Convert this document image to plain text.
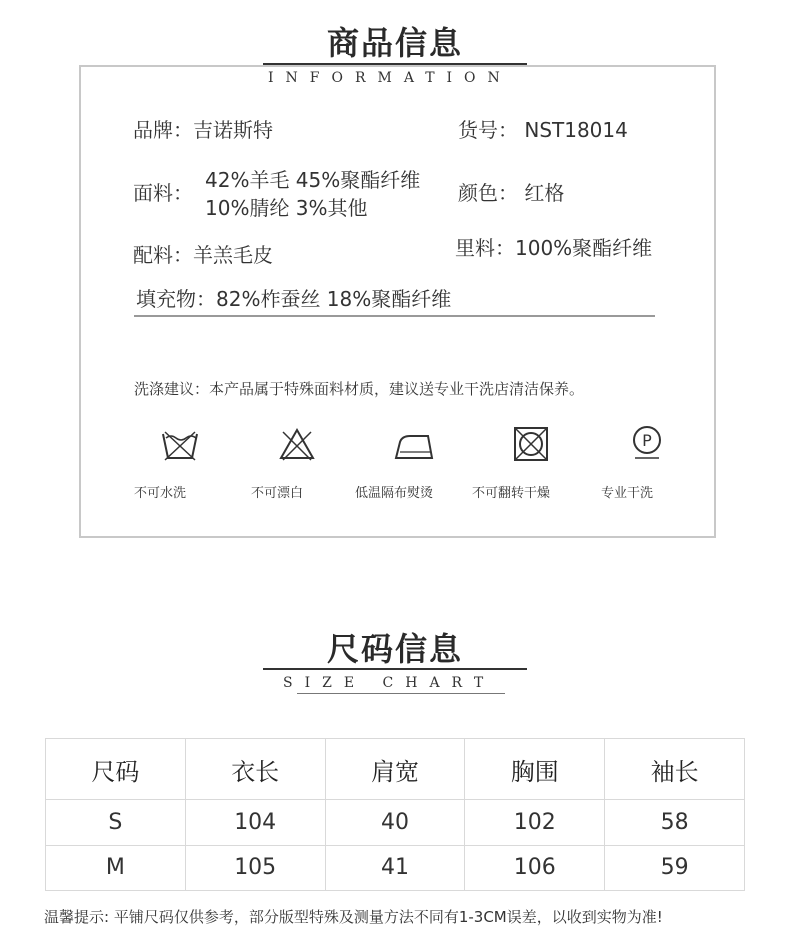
商品信息
INFORMATION
品牌：吉诺斯特	货号： NST18014
面料：
42%羊毛 45%聚酯纤维
10%腈纶 3%其他
颜色： 红格
配料：羊羔毛皮	里料：100%聚酯纤维
填充物：82%柞蚕丝 18%聚酯纤维
洗涤建议：本产品属于特殊面料材质，建议送专业干洗店清洁保养。
不可水洗	不可漂白	低温隔布熨烫	不可翻转干燥
P
专业干洗
尺码信息
SIZE CHART
尺码	衣长	肩宽	胸围	袖长
S	104	40	102	58
M	105	41	106	59
温馨提示: 平铺尺码仅供参考，部分版型特殊及测量方法不同有1-3CM误差，以收到实物为准!
